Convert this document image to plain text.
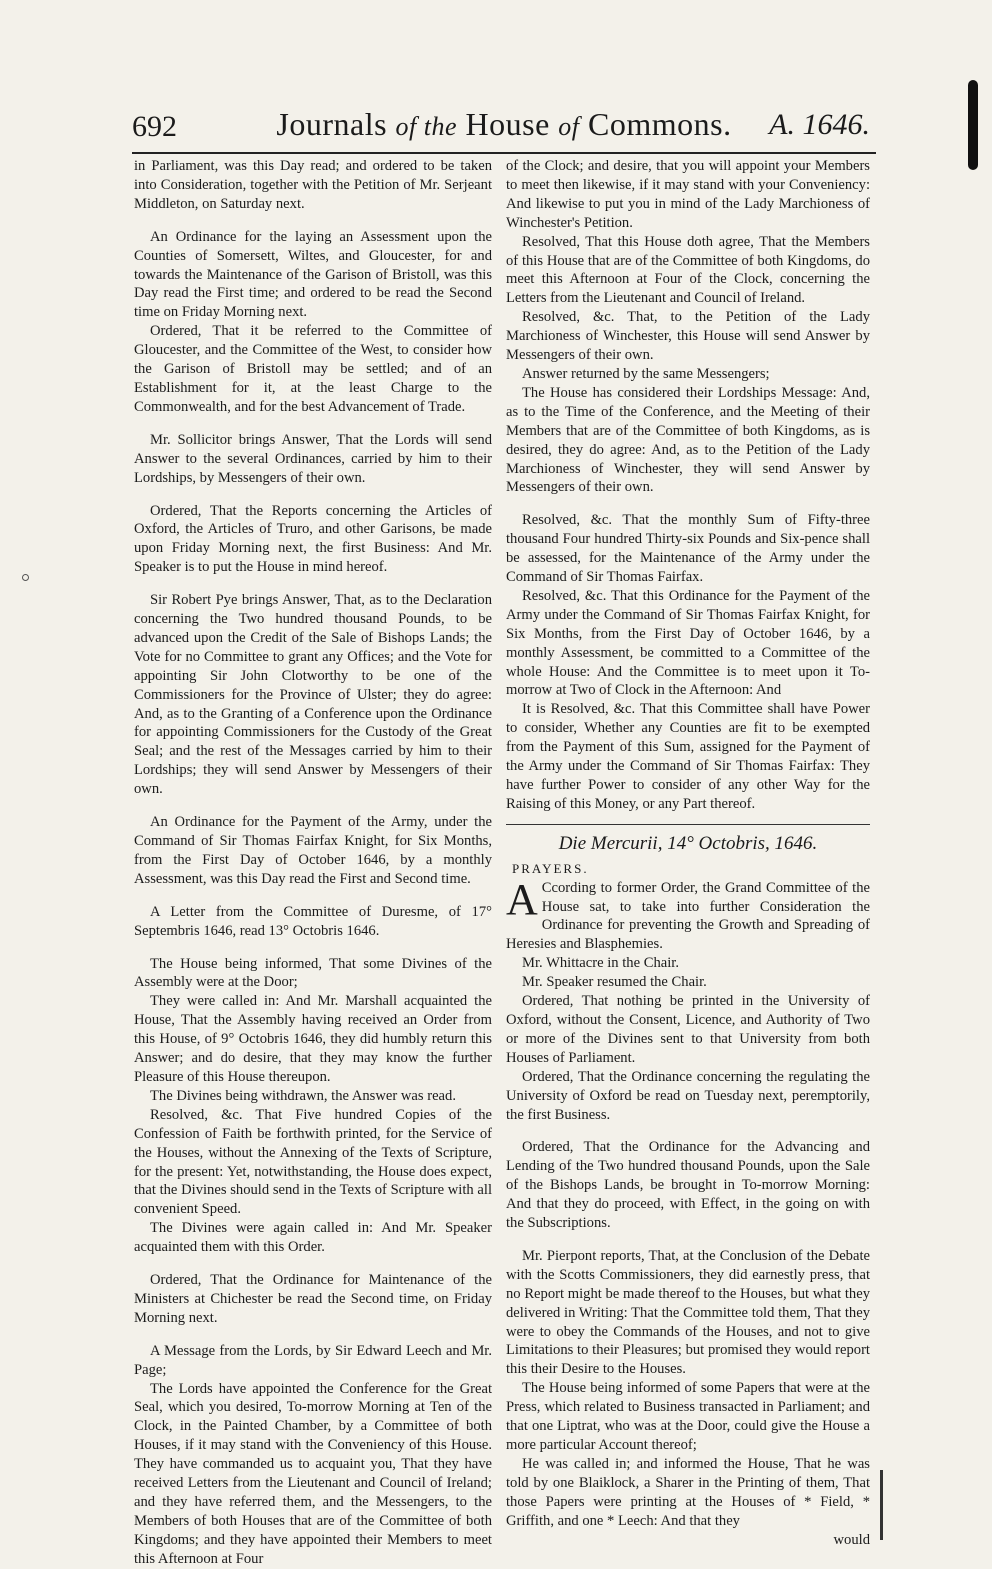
692	Journals of the House of Commons.	A. 1646.

in Parliament, was this Day read; and ordered to be taken into Consideration, together with the Petition of Mr. Serjeant Middleton, on Saturday next.

An Ordinance for the laying an Assessment upon the Counties of Somersett, Wiltes, and Gloucester, for and towards the Maintenance of the Garison of Bristoll, was this Day read the First time; and ordered to be read the Second time on Friday Morning next.

Ordered, That it be referred to the Committee of Gloucester, and the Committee of the West, to consider how the Garison of Bristoll may be settled; and of an Establishment for it, at the least Charge to the Commonwealth, and for the best Advancement of Trade.

Mr. Sollicitor brings Answer, That the Lords will send Answer to the several Ordinances, carried by him to their Lordships, by Messengers of their own.

Ordered, That the Reports concerning the Articles of Oxford, the Articles of Truro, and other Garisons, be made upon Friday Morning next, the first Business: And Mr. Speaker is to put the House in mind hereof.

Sir Robert Pye brings Answer, That, as to the Declaration concerning the Two hundred thousand Pounds, to be advanced upon the Credit of the Sale of Bishops Lands; the Vote for no Committee to grant any Offices; and the Vote for appointing Sir John Clotworthy to be one of the Commissioners for the Province of Ulster; they do agree: And, as to the Granting of a Conference upon the Ordinance for appointing Commissioners for the Custody of the Great Seal; and the rest of the Messages carried by him to their Lordships; they will send Answer by Messengers of their own.

An Ordinance for the Payment of the Army, under the Command of Sir Thomas Fairfax Knight, for Six Months, from the First Day of October 1646, by a monthly Assessment, was this Day read the First and Second time.

A Letter from the Committee of Duresme, of 17° Septembris 1646, read 13° Octobris 1646.

The House being informed, That some Divines of the Assembly were at the Door;

They were called in: And Mr. Marshall acquainted the House, That the Assembly having received an Order from this House, of 9° Octobris 1646, they did humbly return this Answer; and do desire, that they may know the further Pleasure of this House thereupon.

The Divines being withdrawn, the Answer was read.

Resolved, &c. That Five hundred Copies of the Confession of Faith be forthwith printed, for the Service of the Houses, without the Annexing of the Texts of Scripture, for the present: Yet, notwithstanding, the House does expect, that the Divines should send in the Texts of Scripture with all convenient Speed.

The Divines were again called in: And Mr. Speaker acquainted them with this Order.

Ordered, That the Ordinance for Maintenance of the Ministers at Chichester be read the Second time, on Friday Morning next.

A Message from the Lords, by Sir Edward Leech and Mr. Page;

The Lords have appointed the Conference for the Great Seal, which you desired, To-morrow Morning at Ten of the Clock, in the Painted Chamber, by a Committee of both Houses, if it may stand with the Conveniency of this House. They have commanded us to acquaint you, That they have received Letters from the Lieutenant and Council of Ireland; and they have referred them, and the Messengers, to the Members of both Houses that are of the Committee of both Kingdoms; and they have appointed their Members to meet this Afternoon at Four

of the Clock; and desire, that you will appoint your Members to meet then likewise, if it may stand with your Conveniency: And likewise to put you in mind of the Lady Marchioness of Winchester's Petition.

Resolved, That this House doth agree, That the Members of this House that are of the Committee of both Kingdoms, do meet this Afternoon at Four of the Clock, concerning the Letters from the Lieutenant and Council of Ireland.

Resolved, &c. That, to the Petition of the Lady Marchioness of Winchester, this House will send Answer by Messengers of their own.

Answer returned by the same Messengers;

The House has considered their Lordships Message: And, as to the Time of the Conference, and the Meeting of their Members that are of the Committee of both Kingdoms, as is desired, they do agree: And, as to the Petition of the Lady Marchioness of Winchester, they will send Answer by Messengers of their own.

Resolved, &c. That the monthly Sum of Fifty-three thousand Four hundred Thirty-six Pounds and Six-pence shall be assessed, for the Maintenance of the Army under the Command of Sir Thomas Fairfax.

Resolved, &c. That this Ordinance for the Payment of the Army under the Command of Sir Thomas Fairfax Knight, for Six Months, from the First Day of October 1646, by a monthly Assessment, be committed to a Committee of the whole House: And the Committee is to meet upon it To-morrow at Two of Clock in the Afternoon: And

It is Resolved, &c. That this Committee shall have Power to consider, Whether any Counties are fit to be exempted from the Payment of this Sum, assigned for the Payment of the Army under the Command of Sir Thomas Fairfax: They have further Power to consider of any other Way for the Raising of this Money, or any Part thereof.

Die Mercurii, 14° Octobris, 1646.
PRAYERS.

A Ccording to former Order, the Grand Committee of the House sat, to take into further Consideration the Ordinance for preventing the Growth and Spreading of Heresies and Blasphemies.

Mr. Whittacre in the Chair.

Mr. Speaker resumed the Chair.

Ordered, That nothing be printed in the University of Oxford, without the Consent, Licence, and Authority of Two or more of the Divines sent to that University from both Houses of Parliament.

Ordered, That the Ordinance concerning the regulating the University of Oxford be read on Tuesday next, peremptorily, the first Business.

Ordered, That the Ordinance for the Advancing and Lending of the Two hundred thousand Pounds, upon the Sale of the Bishops Lands, be brought in To-morrow Morning: And that they do proceed, with Effect, in the going on with the Subscriptions.

Mr. Pierpont reports, That, at the Conclusion of the Debate with the Scotts Commissioners, they did earnestly press, that no Report might be made thereof to the Houses, but what they delivered in Writing: That the Committee told them, That they were to obey the Commands of the Houses, and not to give Limitations to their Pleasures; but promised they would report this their Desire to the Houses.

The House being informed of some Papers that were at the Press, which related to Business transacted in Parliament; and that one Liptrat, who was at the Door, could give the House a more particular Account thereof;

He was called in; and informed the House, That he was told by one Blaiklock, a Sharer in the Printing of them, That those Papers were printing at the Houses of * Field, * Griffith, and one * Leech: And that they

would
